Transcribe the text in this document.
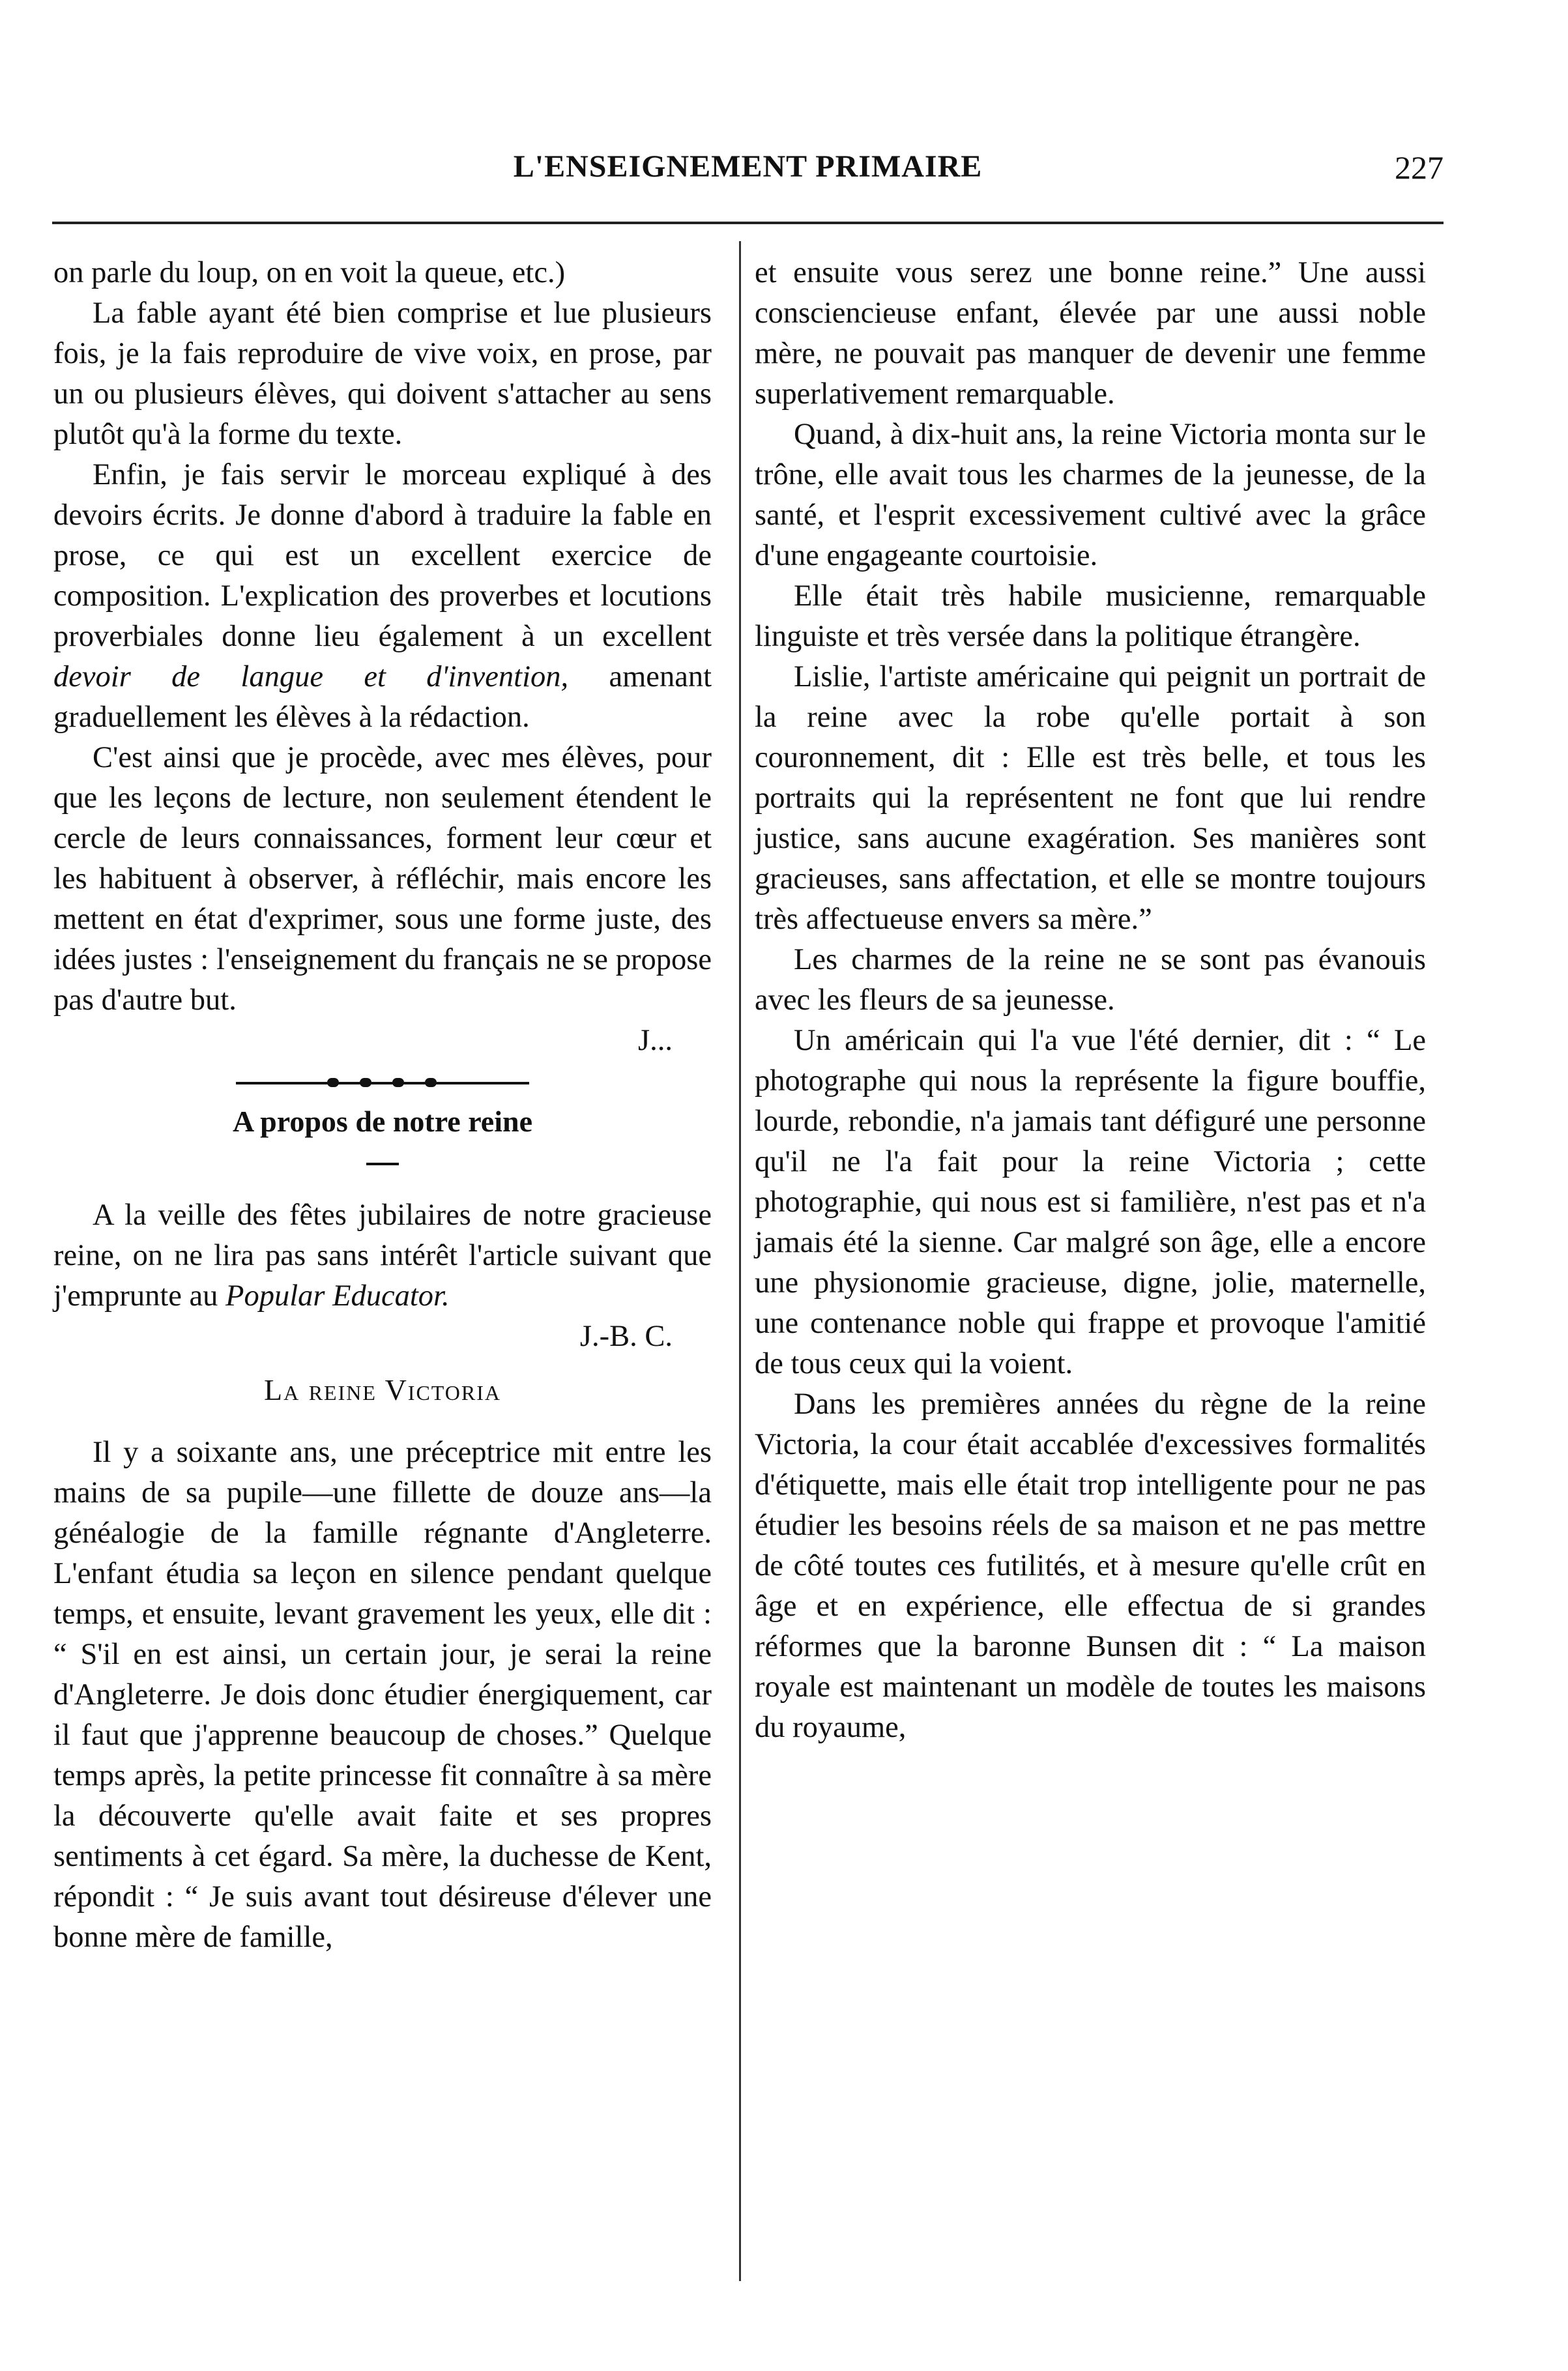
L'ENSEIGNEMENT PRIMAIRE	227

on parle du loup, on en voit la queue, etc.)

La fable ayant été bien comprise et lue plusieurs fois, je la fais reproduire de vive voix, en prose, par un ou plusieurs élèves, qui doivent s'attacher au sens plutôt qu'à la forme du texte.

Enfin, je fais servir le morceau expliqué à des devoirs écrits. Je donne d'abord à traduire la fable en prose, ce qui est un excellent exercice de composition. L'explication des proverbes et locutions proverbiales donne lieu également à un excellent devoir de langue et d'invention, amenant graduellement les élèves à la rédaction.

C'est ainsi que je procède, avec mes élèves, pour que les leçons de lecture, non seulement étendent le cercle de leurs connaissances, forment leur cœur et les habituent à observer, à réfléchir, mais encore les mettent en état d'exprimer, sous une forme juste, des idées justes : l'enseignement du français ne se propose pas d'autre but.

J...

A propos de notre reine

A la veille des fêtes jubilaires de notre gracieuse reine, on ne lira pas sans intérêt l'article suivant que j'emprunte au Popular Educator.

J.-B. C.

La reine Victoria

Il y a soixante ans, une préceptrice mit entre les mains de sa pupile—une fillette de douze ans—la généalogie de la famille régnante d'Angleterre. L'enfant étudia sa leçon en silence pendant quelque temps, et ensuite, levant gravement les yeux, elle dit : “ S'il en est ainsi, un certain jour, je serai la reine d'Angleterre. Je dois donc étudier énergiquement, car il faut que j'apprenne beaucoup de choses.” Quelque temps après, la petite princesse fit connaître à sa mère la découverte qu'elle avait faite et ses propres sentiments à cet égard. Sa mère, la duchesse de Kent, répondit : “ Je suis avant tout désireuse d'élever une bonne mère de famille,

et ensuite vous serez une bonne reine.” Une aussi consciencieuse enfant, élevée par une aussi noble mère, ne pouvait pas manquer de devenir une femme superlativement remarquable.

Quand, à dix-huit ans, la reine Victoria monta sur le trône, elle avait tous les charmes de la jeunesse, de la santé, et l'esprit excessivement cultivé avec la grâce d'une engageante courtoisie.

Elle était très habile musicienne, remarquable linguiste et très versée dans la politique étrangère.

Lislie, l'artiste américaine qui peignit un portrait de la reine avec la robe qu'elle portait à son couronnement, dit : Elle est très belle, et tous les portraits qui la représentent ne font que lui rendre justice, sans aucune exagération. Ses manières sont gracieuses, sans affectation, et elle se montre toujours très affectueuse envers sa mère.”

Les charmes de la reine ne se sont pas évanouis avec les fleurs de sa jeunesse.

Un américain qui l'a vue l'été dernier, dit : “ Le photographe qui nous la représente la figure bouffie, lourde, rebondie, n'a jamais tant défiguré une personne qu'il ne l'a fait pour la reine Victoria ; cette photographie, qui nous est si familière, n'est pas et n'a jamais été la sienne. Car malgré son âge, elle a encore une physionomie gracieuse, digne, jolie, maternelle, une contenance noble qui frappe et provoque l'amitié de tous ceux qui la voient.

Dans les premières années du règne de la reine Victoria, la cour était accablée d'excessives formalités d'étiquette, mais elle était trop intelligente pour ne pas étudier les besoins réels de sa maison et ne pas mettre de côté toutes ces futilités, et à mesure qu'elle crût en âge et en expérience, elle effectua de si grandes réformes que la baronne Bunsen dit : “ La maison royale est maintenant un modèle de toutes les maisons du royaume,
